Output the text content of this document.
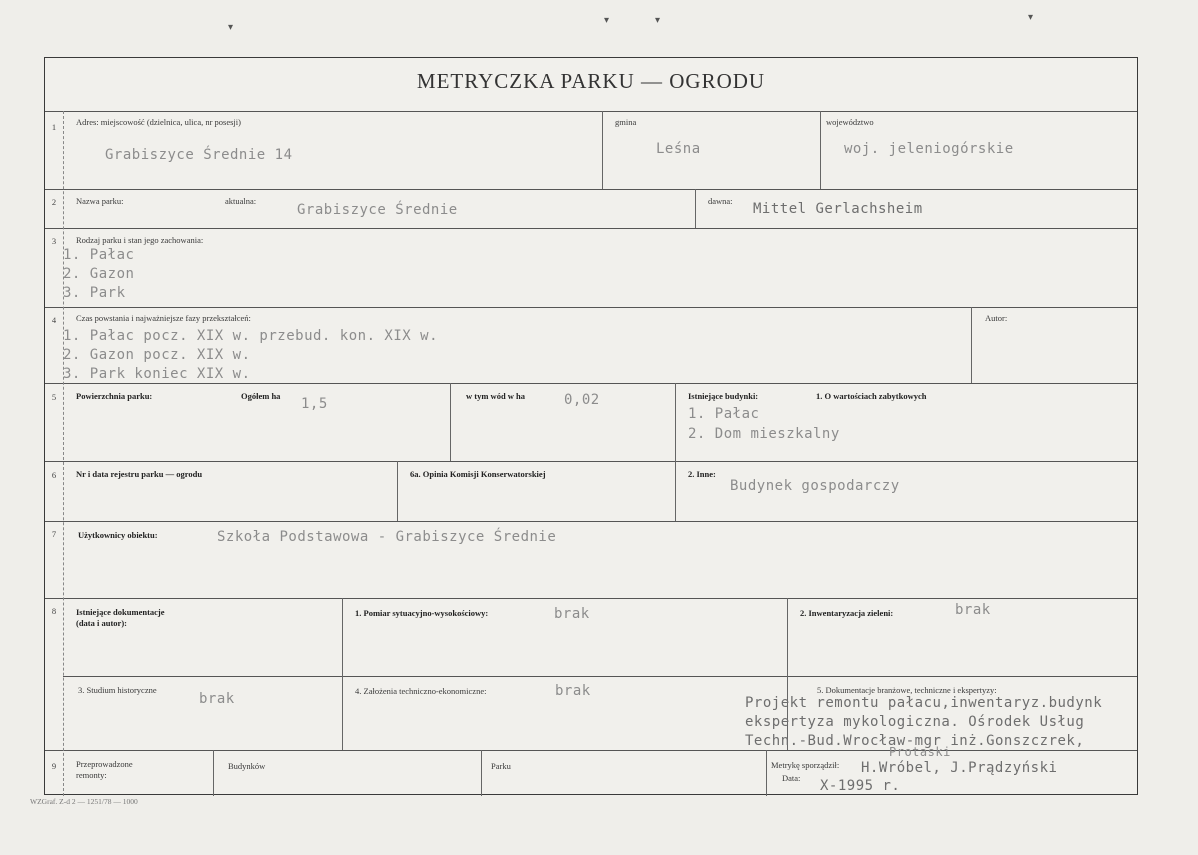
▾
▾	▾	▾
METRYCZKA PARKU — OGRODU
1
2
3
4
5
6
7
8
9
Adres: miejscowość (dzielnica, ulica, nr posesji)
Grabiszyce Średnie 14
gmina
Leśna
województwo
woj. jeleniogórskie
Nazwa parku:	aktualna:
Grabiszyce Średnie
dawna: Mittel Gerlachsheim
Rodzaj parku i stan jego zachowania:
1. Pałac
2. Gazon
3. Park
Czas powstania i najważniejsze fazy przekształceń:
1. Pałac pocz. XIX w. przebud. kon. XIX w.
2. Gazon pocz. XIX w.
3. Park koniec XIX w.
Autor:
Powierzchnia parku:	Ogółem ha 1,5	w tym wód w ha	0,02	Istniejące budynki:	1. O wartościach zabytkowych
1. Pałac
2. Dom mieszkalny
Nr i data rejestru parku — ogrodu	6a. Opinia Komisji Konserwatorskiej	2. Inne:
Budynek gospodarczy
Użytkownicy obiektu:	Szkoła Podstawowa - Grabiszyce Średnie
Istniejące dokumentacje
(data i autor):
1. Pomiar sytuacyjno-wysokościowy:	brak	2. Inwentaryzacja zieleni:	brak
3. Studium historyczne
brak	4. Założenia techniczno-ekonomiczne:	brak	5. Dokumentacje branżowe, techniczne i ekspertyzy:
Projekt remontu pałacu,inwentaryz.budynk
ekspertyza mykologiczna. Ośrodek Usług
Techn.-Bud.Wrocław-mgr inż.Gonszczrek,
Protaski
Przeprowadzone
remonty:
Budynków	Parku	Metrykę sporządził: H.Wróbel, J.Prądzyński
Data: X-1995 r.
WZGraf. Z-d 2 — 1251/78 — 1000
